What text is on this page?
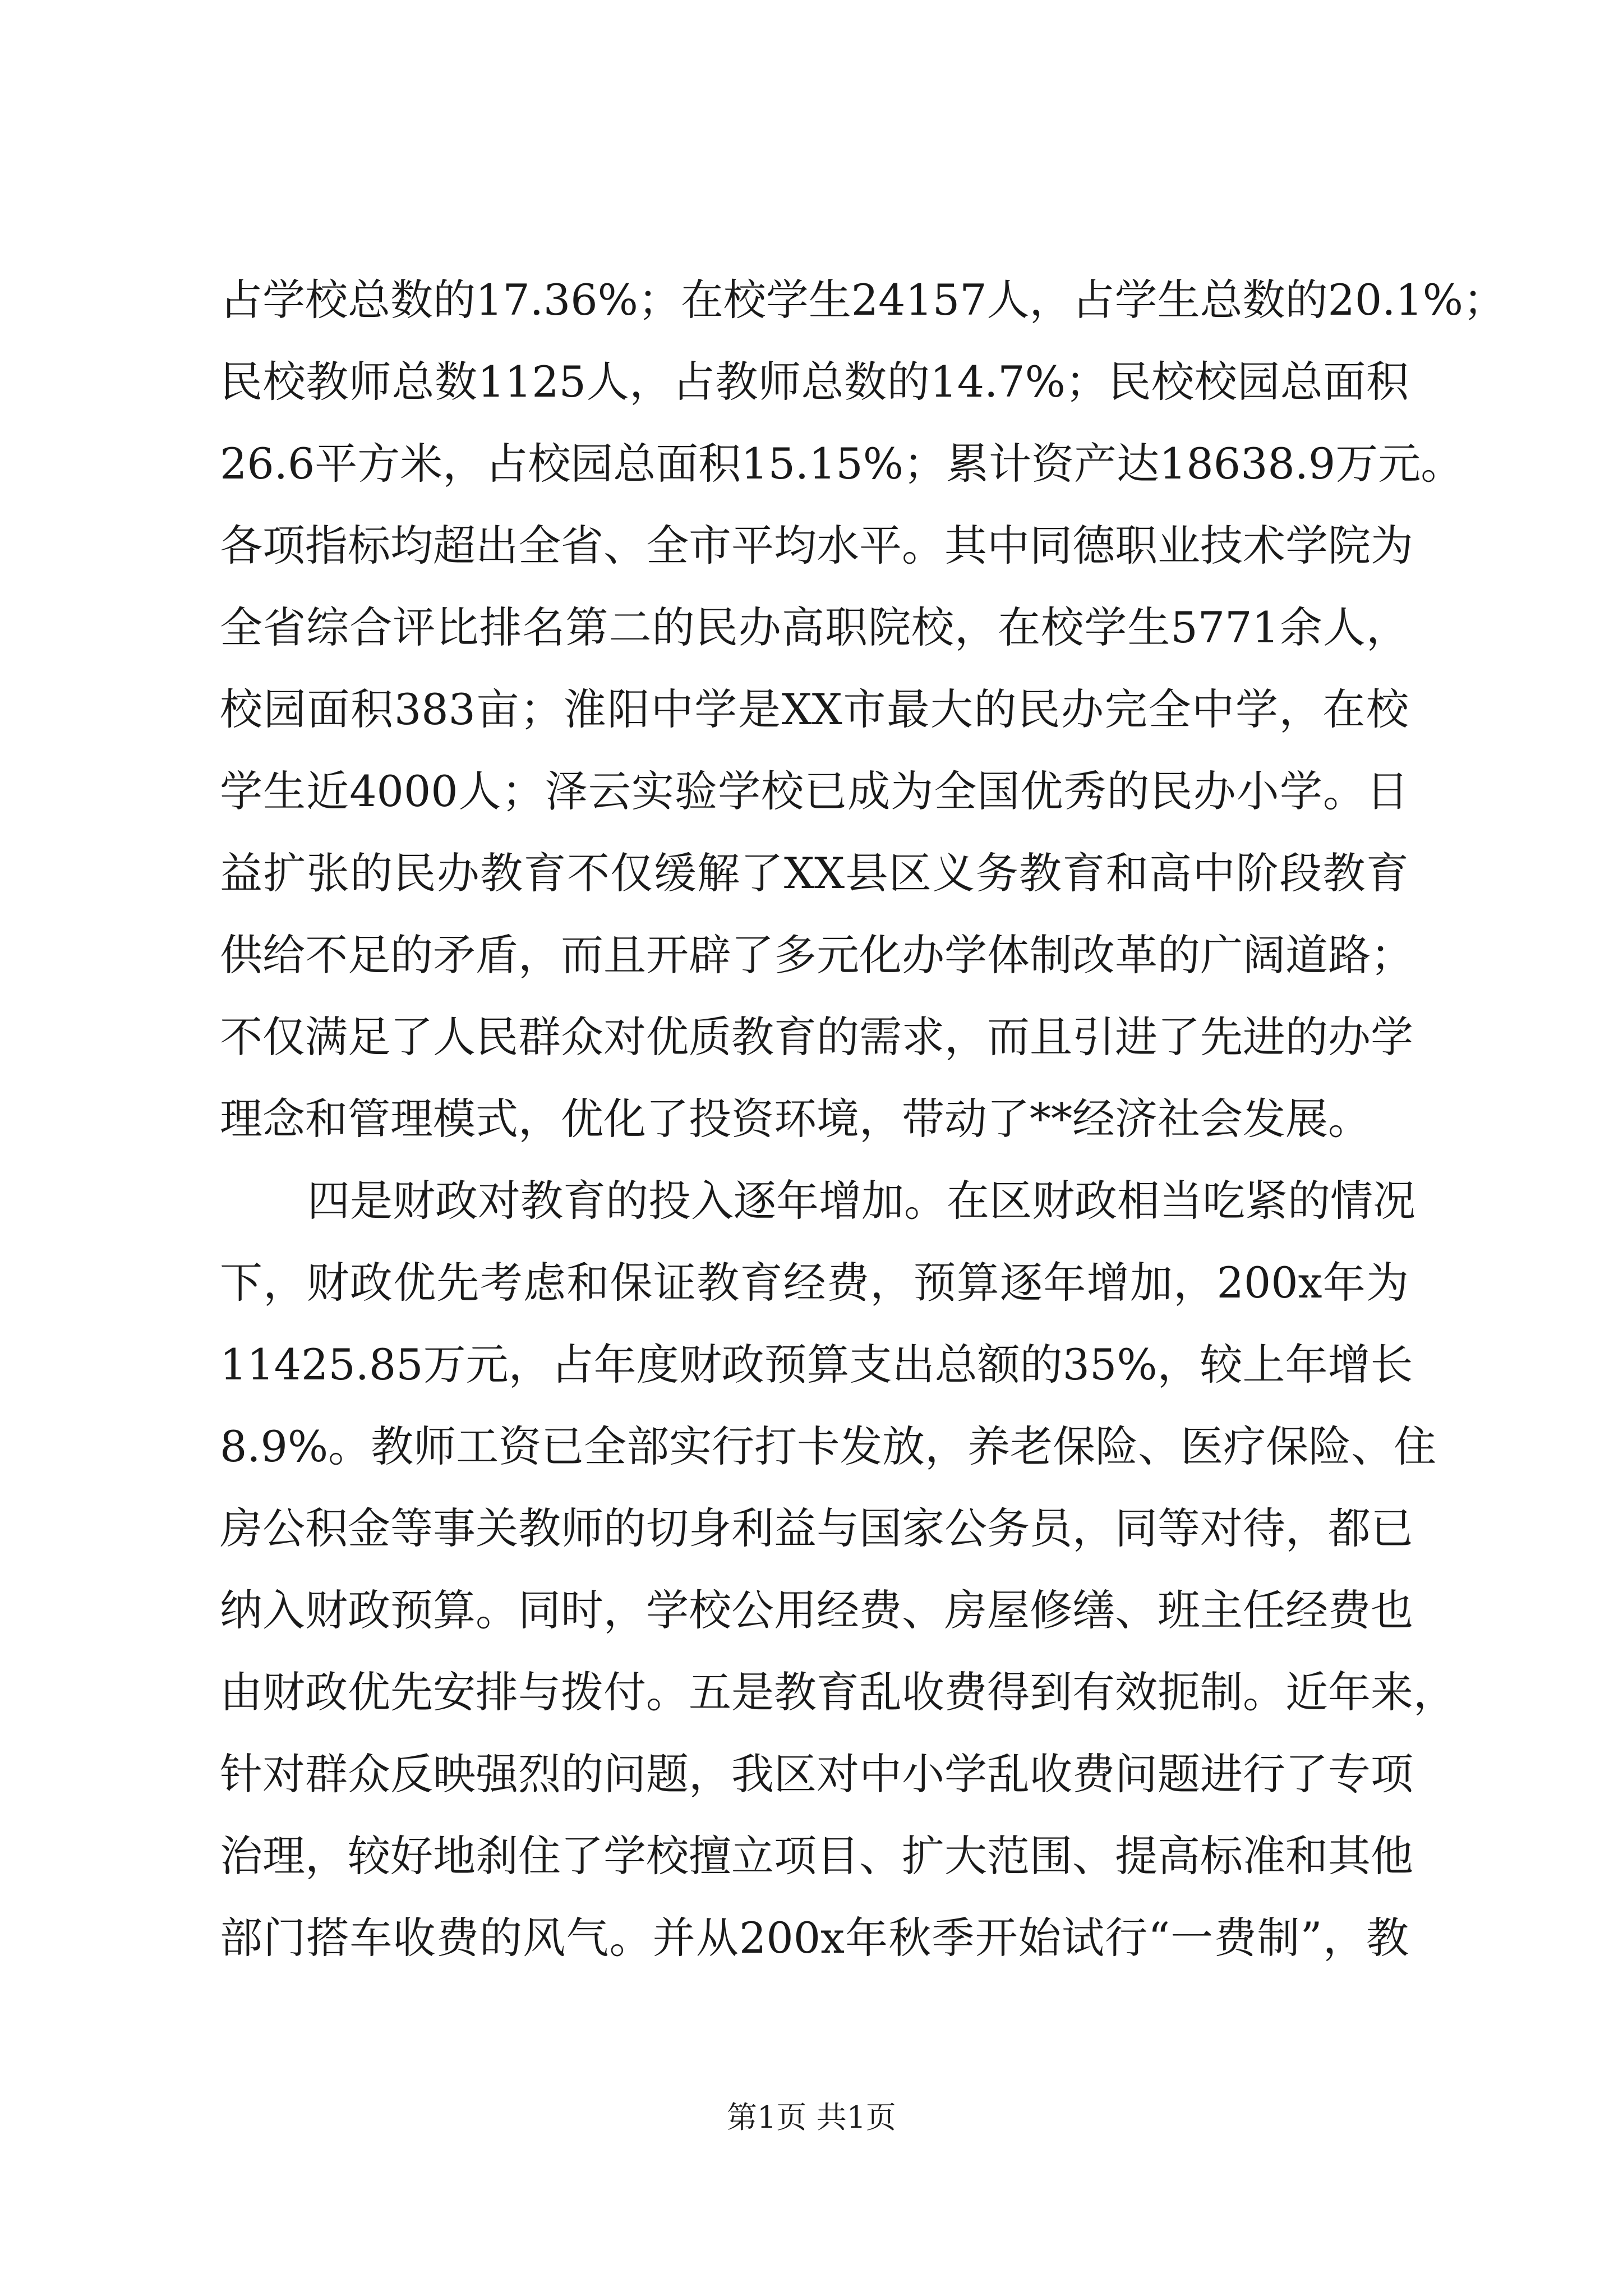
占学校总数的17.36%；在校学生24157人，占学生总数的20.1%；
民校教师总数1125人，占教师总数的14.7%；民校校园总面积
26.6平方米，占校园总面积15.15%；累计资产达18638.9万元。
各项指标均超出全省、全市平均水平。其中同德职业技术学院为
全省综合评比排名第二的民办高职院校，在校学生5771余人，
校园面积383亩；淮阳中学是XX市最大的民办完全中学，在校
学生近4000人；泽云实验学校已成为全国优秀的民办小学。日
益扩张的民办教育不仅缓解了XX县区义务教育和高中阶段教育
供给不足的矛盾，而且开辟了多元化办学体制改革的广阔道路；
不仅满足了人民群众对优质教育的需求，而且引进了先进的办学
理念和管理模式，优化了投资环境，带动了**经济社会发展。
四是财政对教育的投入逐年增加。在区财政相当吃紧的情况
下，财政优先考虑和保证教育经费，预算逐年增加，200x年为
11425.85万元，占年度财政预算支出总额的35%，较上年增长
8.9%。教师工资已全部实行打卡发放，养老保险、医疗保险、住
房公积金等事关教师的切身利益与国家公务员，同等对待，都已
纳入财政预算。同时，学校公用经费、房屋修缮、班主任经费也
由财政优先安排与拨付。五是教育乱收费得到有效扼制。近年来，
针对群众反映强烈的问题，我区对中小学乱收费问题进行了专项
治理，较好地刹住了学校擅立项目、扩大范围、提高标准和其他
部门搭车收费的风气。并从200x年秋季开始试行“一费制”，教
第1页 共1页
